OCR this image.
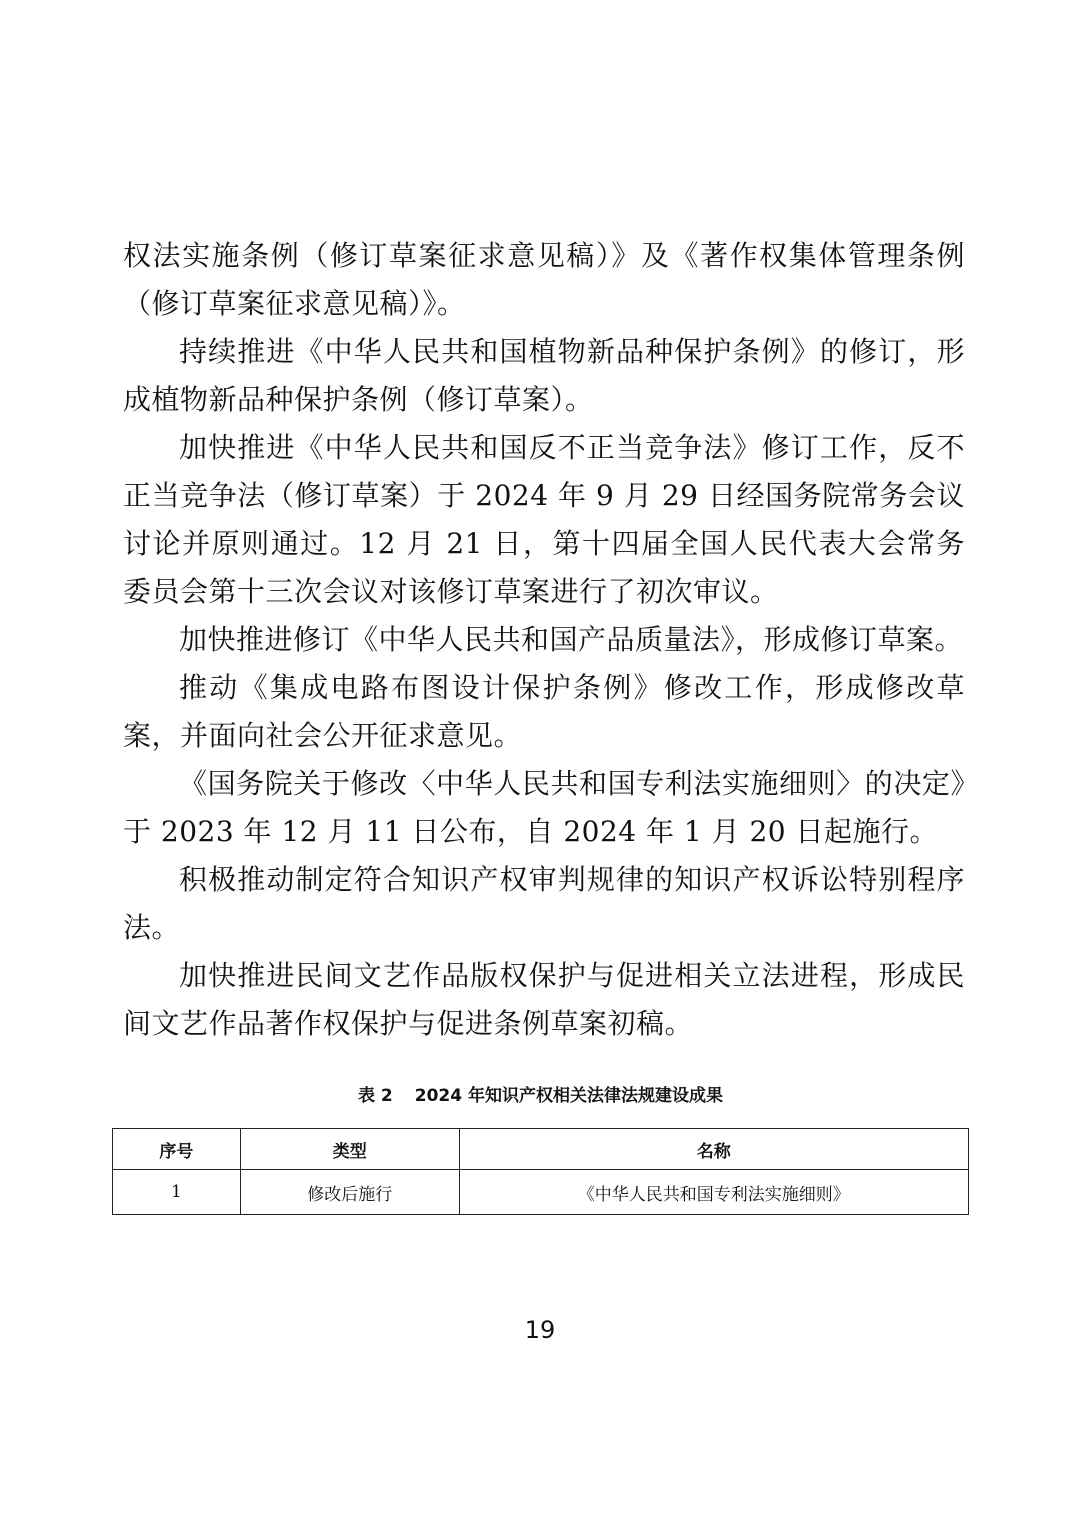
权法实施条例（修订草案征求意见稿）》及《著作权集体管理条例（修订草案征求意见稿）》。

持续推进《中华人民共和国植物新品种保护条例》的修订，形成植物新品种保护条例（修订草案）。

加快推进《中华人民共和国反不正当竞争法》修订工作，反不正当竞争法（修订草案）于 2024 年 9 月 29 日经国务院常务会议讨论并原则通过。12 月 21 日，第十四届全国人民代表大会常务委员会第十三次会议对该修订草案进行了初次审议。

加快推进修订《中华人民共和国产品质量法》，形成修订草案。

推动《集成电路布图设计保护条例》修改工作，形成修改草案，并面向社会公开征求意见。

《国务院关于修改〈中华人民共和国专利法实施细则〉的决定》于 2023 年 12 月 11 日公布，自 2024 年 1 月 20 日起施行。

积极推动制定符合知识产权审判规律的知识产权诉讼特别程序法。

加快推进民间文艺作品版权保护与促进相关立法进程，形成民间文艺作品著作权保护与促进条例草案初稿。

表 2 2024 年知识产权相关法律法规建设成果
序号	类型	名称
1	修改后施行	《中华人民共和国专利法实施细则》
19
